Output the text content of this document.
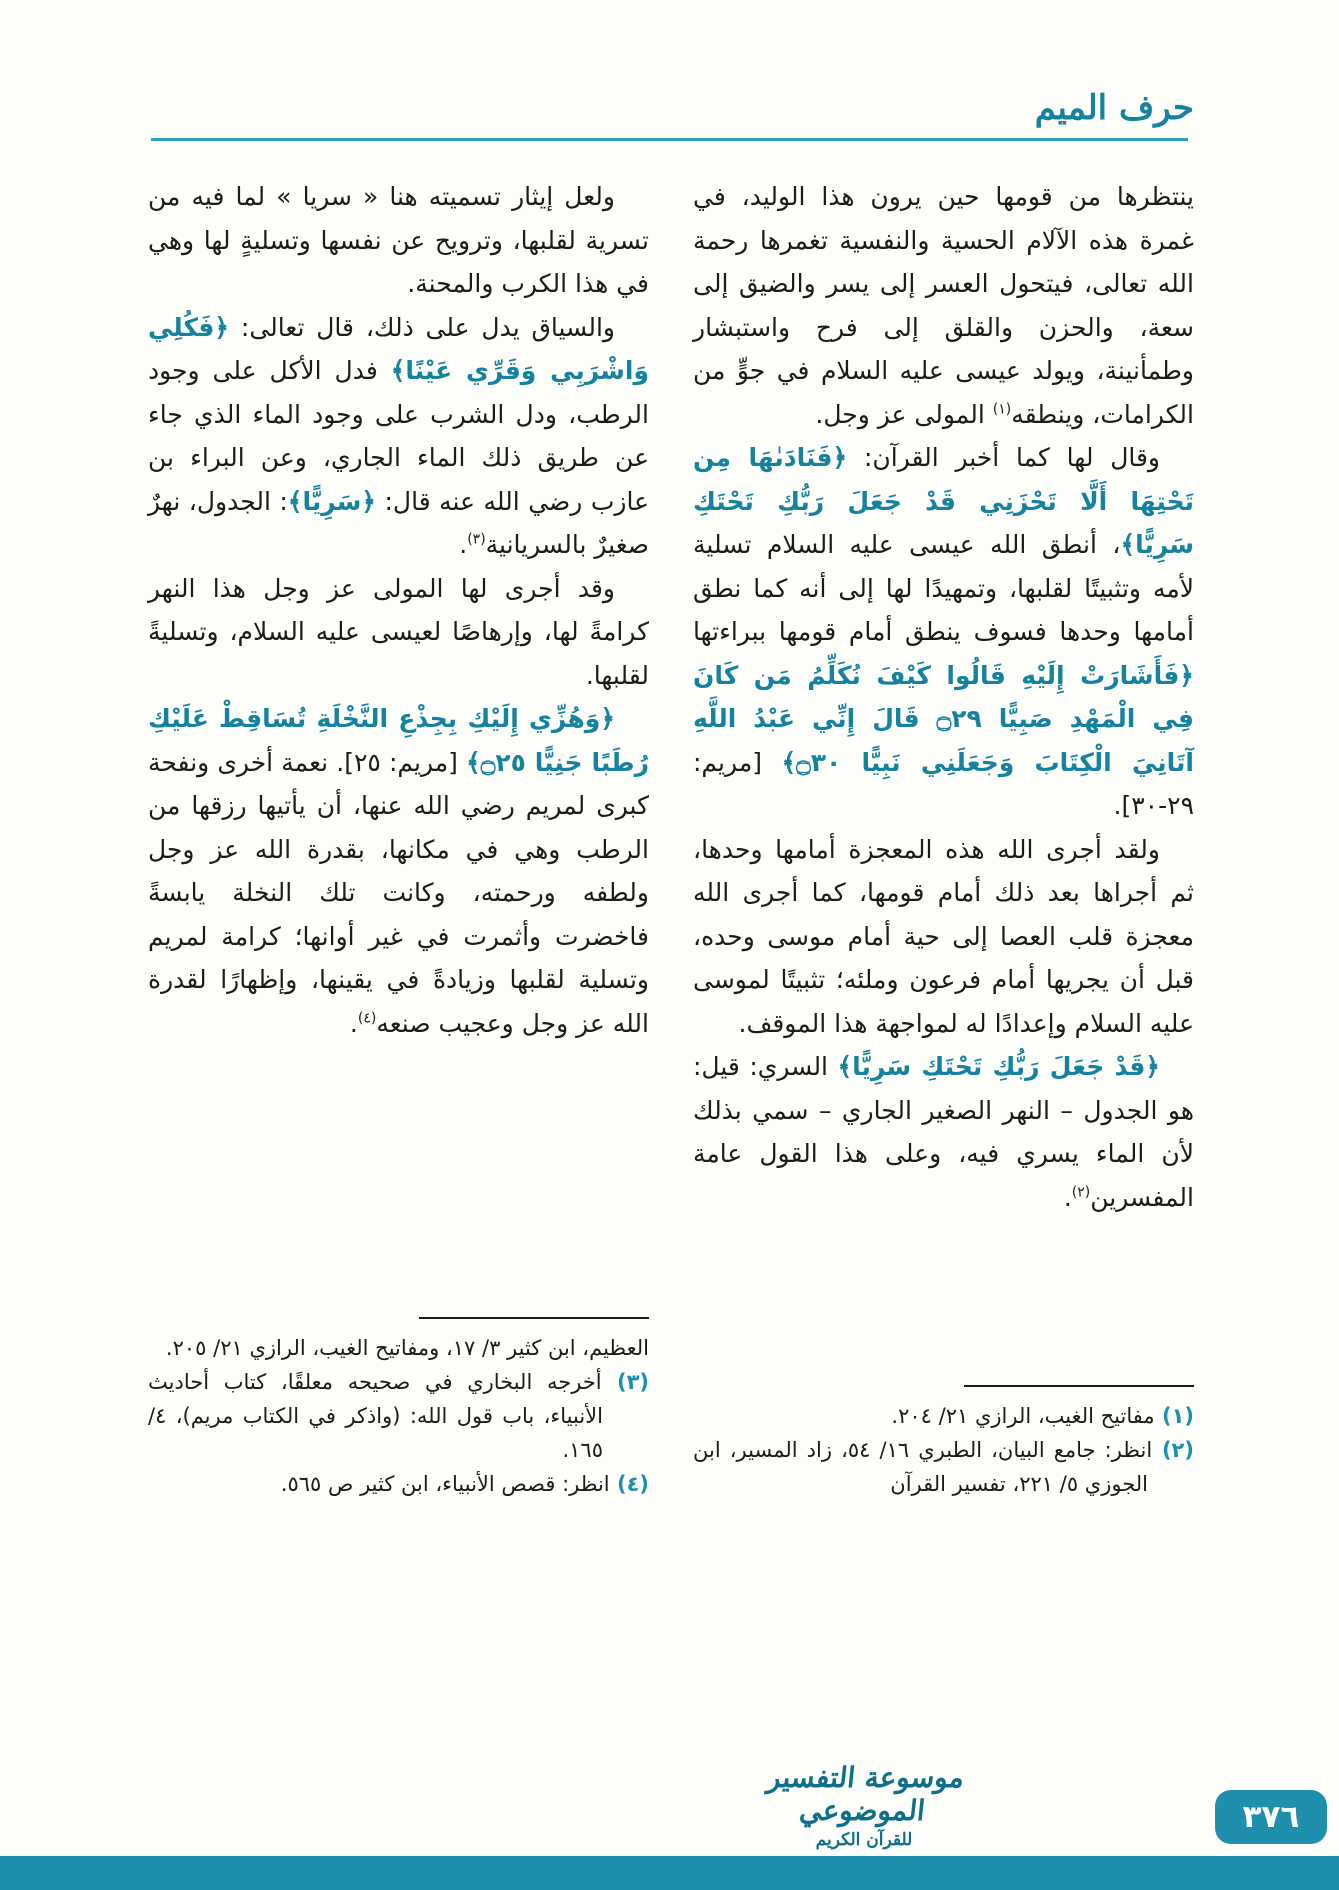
حرف الميم

ينتظرها من قومها حين يرون هذا الوليد، في غمرة هذه الآلام الحسية والنفسية تغمرها رحمة الله تعالى، فيتحول العسر إلى يسر والضيق إلى سعة، والحزن والقلق إلى فرح واستبشار وطمأنينة، ويولد عيسى عليه السلام في جوٍّ من الكرامات، وينطقه$^{(١)}$ المولى عز وجل.

وقال لها كما أخبر القرآن: ﴿فَنَادَىٰهَا مِن تَحْتِهَا أَلَّا تَحْزَنِي قَدْ جَعَلَ رَبُّكِ تَحْتَكِ سَرِيًّا﴾، أنطق الله عيسى عليه السلام تسلية لأمه وتثبيتًا لقلبها، وتمهيدًا لها إلى أنه كما نطق أمامها وحدها فسوف ينطق أمام قومها ببراءتها ﴿فَأَشَارَتْ إِلَيْهِ قَالُوا كَيْفَ نُكَلِّمُ مَن كَانَ فِي الْمَهْدِ صَبِيًّا ۝٢٩ قَالَ إِنِّي عَبْدُ اللَّهِ آتَانِيَ الْكِتَابَ وَجَعَلَنِي نَبِيًّا ۝٣٠﴾ [مريم: ٢٩-٣٠].

ولقد أجرى الله هذه المعجزة أمامها وحدها، ثم أجراها بعد ذلك أمام قومها، كما أجرى الله معجزة قلب العصا إلى حية أمام موسى وحده، قبل أن يجريها أمام فرعون وملئه؛ تثبيتًا لموسى عليه السلام وإعدادًا له لمواجهة هذا الموقف.

﴿قَدْ جَعَلَ رَبُّكِ تَحْتَكِ سَرِيًّا﴾ السري: قيل: هو الجدول – النهر الصغير الجاري – سمي بذلك لأن الماء يسري فيه، وعلى هذا القول عامة المفسرين$^{(٢)}$.

(١) مفاتيح الغيب، الرازي ٢١/ ٢٠٤.
(٢) انظر: جامع البيان، الطبري ١٦/ ٥٤، زاد المسير، ابن الجوزي ٥/ ٢٢١، تفسير القرآن

ولعل إيثار تسميته هنا « سريا » لما فيه من تسرية لقلبها، وترويح عن نفسها وتسليةٍ لها وهي في هذا الكرب والمحنة.

والسياق يدل على ذلك، قال تعالى: ﴿فَكُلِي وَاشْرَبِي وَقَرِّي عَيْنًا﴾ فدل الأكل على وجود الرطب، ودل الشرب على وجود الماء الذي جاء عن طريق ذلك الماء الجاري، وعن البراء بن عازب رضي الله عنه قال: ﴿سَرِيًّا﴾: الجدول، نهرٌ صغيرٌ بالسريانية$^{(٣)}$.

وقد أجرى لها المولى عز وجل هذا النهر كرامةً لها، وإرهاصًا لعيسى عليه السلام، وتسليةً لقلبها.

﴿وَهُزِّي إِلَيْكِ بِجِذْعِ النَّخْلَةِ تُسَاقِطْ عَلَيْكِ رُطَبًا جَنِيًّا ۝٢٥﴾ [مريم: ٢٥]. نعمة أخرى ونفحة كبرى لمريم رضي الله عنها، أن يأتيها رزقها من الرطب وهي في مكانها، بقدرة الله عز وجل ولطفه ورحمته، وكانت تلك النخلة يابسةً فاخضرت وأثمرت في غير أوانها؛ كرامة لمريم وتسلية لقلبها وزيادةً في يقينها، وإظهارًا لقدرة الله عز وجل وعجيب صنعه$^{(٤)}$.

العظيم، ابن كثير ٣/ ١٧، ومفاتيح الغيب، الرازي ٢١/ ٢٠٥.
(٣) أخرجه البخاري في صحيحه معلقًا، كتاب أحاديث الأنبياء، باب قول الله: (واذكر في الكتاب مريم)، ٤/ ١٦٥.
(٤) انظر: قصص الأنبياء، ابن كثير ص ٥٦٥.
موسوعة التفسير الموضوعي
للقرآن الكريم
٣٧٦
